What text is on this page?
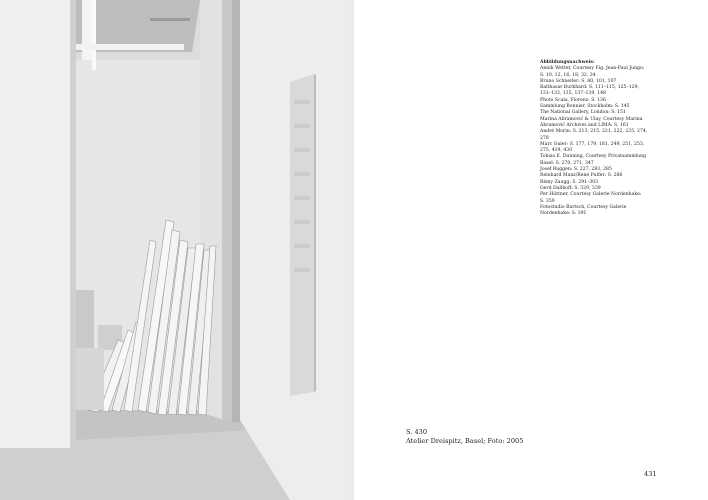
Abbildungsnachweis:
Annik Wetter, Courtesy Fig. Jean-Paul Jungo;
S. 10, 12, 16, 18, 32, 34
Bruno Schneiter: S. 80, 101, 107
Balthasar Burkhard: S. 111–115, 125–129,
131–133, 135, 137–139, 148
Photo Scala, Florenz: S. 136
Sammlung Bonnier, Stockholm: S. 145
The National Gallery, London: S. 151
Marina Abramović & Ulay, Courtesy Marina
Abramović Archives and LIMA: S. 161
André Morin: S. 213, 215, 221, 222, 235, 274,
278
Marc Guler: S. 177, 179, 181, 249, 251, 253,
275, 419, 430
Tobias E. Dunning, Courtesy Privatsammlung
Basel: S. 270, 271, 347
Josef Ruggen: S. 227, 283, 285
Reinhard Manz/René Pulfer: S. 286
Rémy Zaugg: S. 291–303
Gerd Dallhoff: S. 329, 339
Per Hüttner, Courtesy Galerie Nordenhake:
S. 359
Fotostudio Bartsch, Courtesy Galerie
Nordenhake: S. 391
S. 430
Atelier Dreispitz, Basel; Foto: 2005
431
